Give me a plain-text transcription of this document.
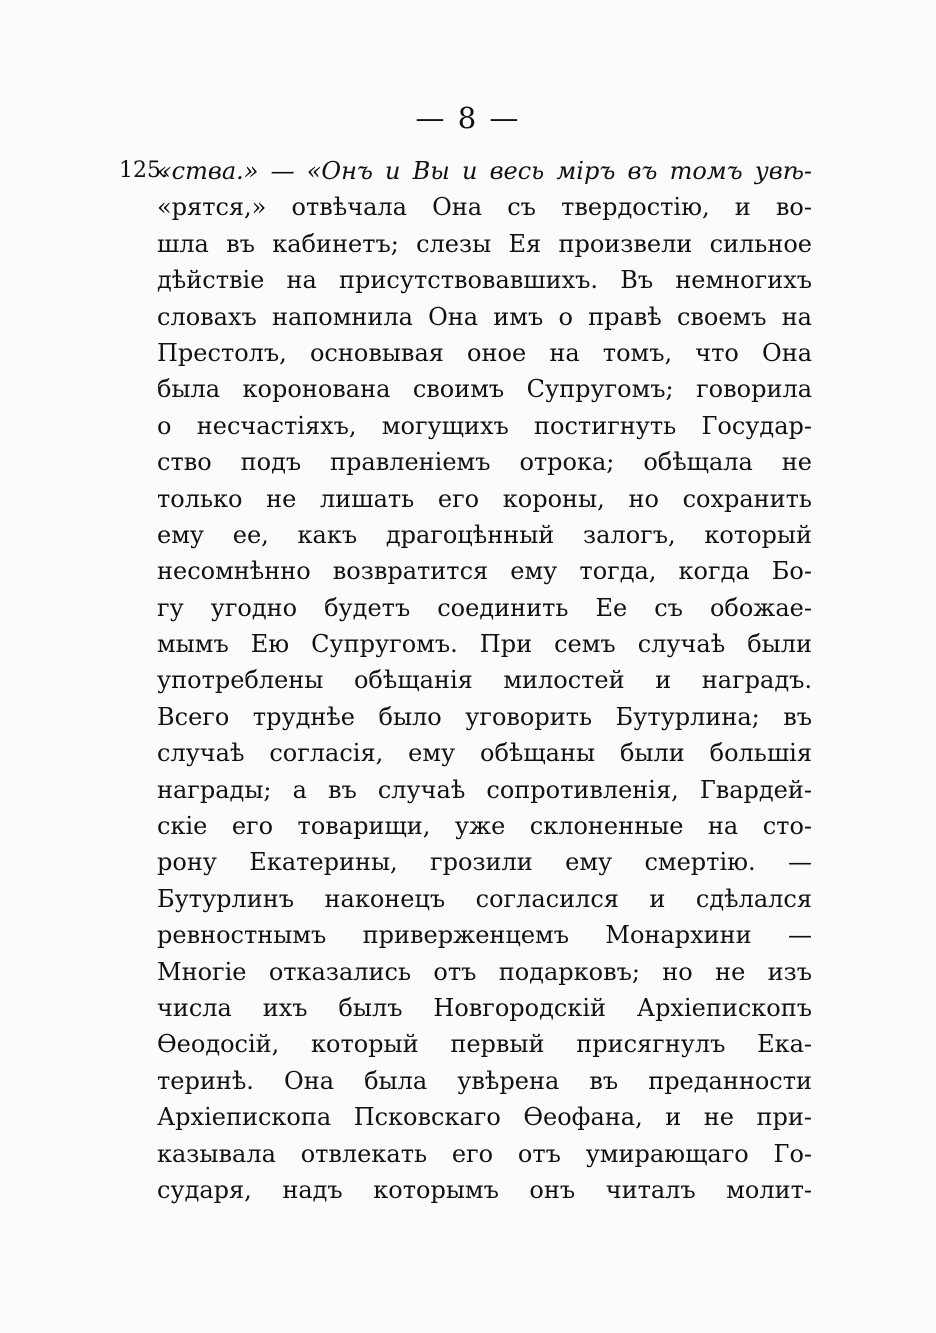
— 8 —
125.
«ства.» — «Онъ и Вы и весь міръ въ томъ увѣ-
«рятся,» отвѣчала Она съ твердостію, и во-
шла въ кабинетъ; слезы Ея произвели сильное
дѣйствіе на присутствовавшихъ. Въ немногихъ
словахъ напомнила Она имъ о правѣ своемъ на
Престолъ, основывая оное на томъ, что Она
была коронована своимъ Супругомъ; говорила
о несчастіяхъ, могущихъ постигнуть Государ-
ство подъ правленіемъ отрока; обѣщала не
только не лишать его короны, но сохранить
ему ее, какъ драгоцѣнный залогъ, который
несомнѣнно возвратится ему тогда, когда Бо-
гу угодно будетъ соединить Ее съ обожае-
мымъ Ею Супругомъ. При семъ случаѣ были
употреблены обѣщанія милостей и наградъ.
Всего труднѣе было уговорить Бутурлина; въ
случаѣ согласія, ему обѣщаны были большія
награды; а въ случаѣ сопротивленія, Гвардей-
скіе его товарищи, уже склоненные на сто-
рону Екатерины, грозили ему смертію. —
Бутурлинъ наконецъ согласился и сдѣлался
ревностнымъ приверженцемъ Монархини —
Многіе отказались отъ подарковъ; но не изъ
числа ихъ былъ Новгородскій Архіепископъ
Ѳеодосій, который первый присягнулъ Ека-
теринѣ. Она была увѣрена въ преданности
Архіепископа Псковскаго Ѳеофана, и не при-
казывала отвлекать его отъ умирающаго Го-
сударя, надъ которымъ онъ читалъ молит-
